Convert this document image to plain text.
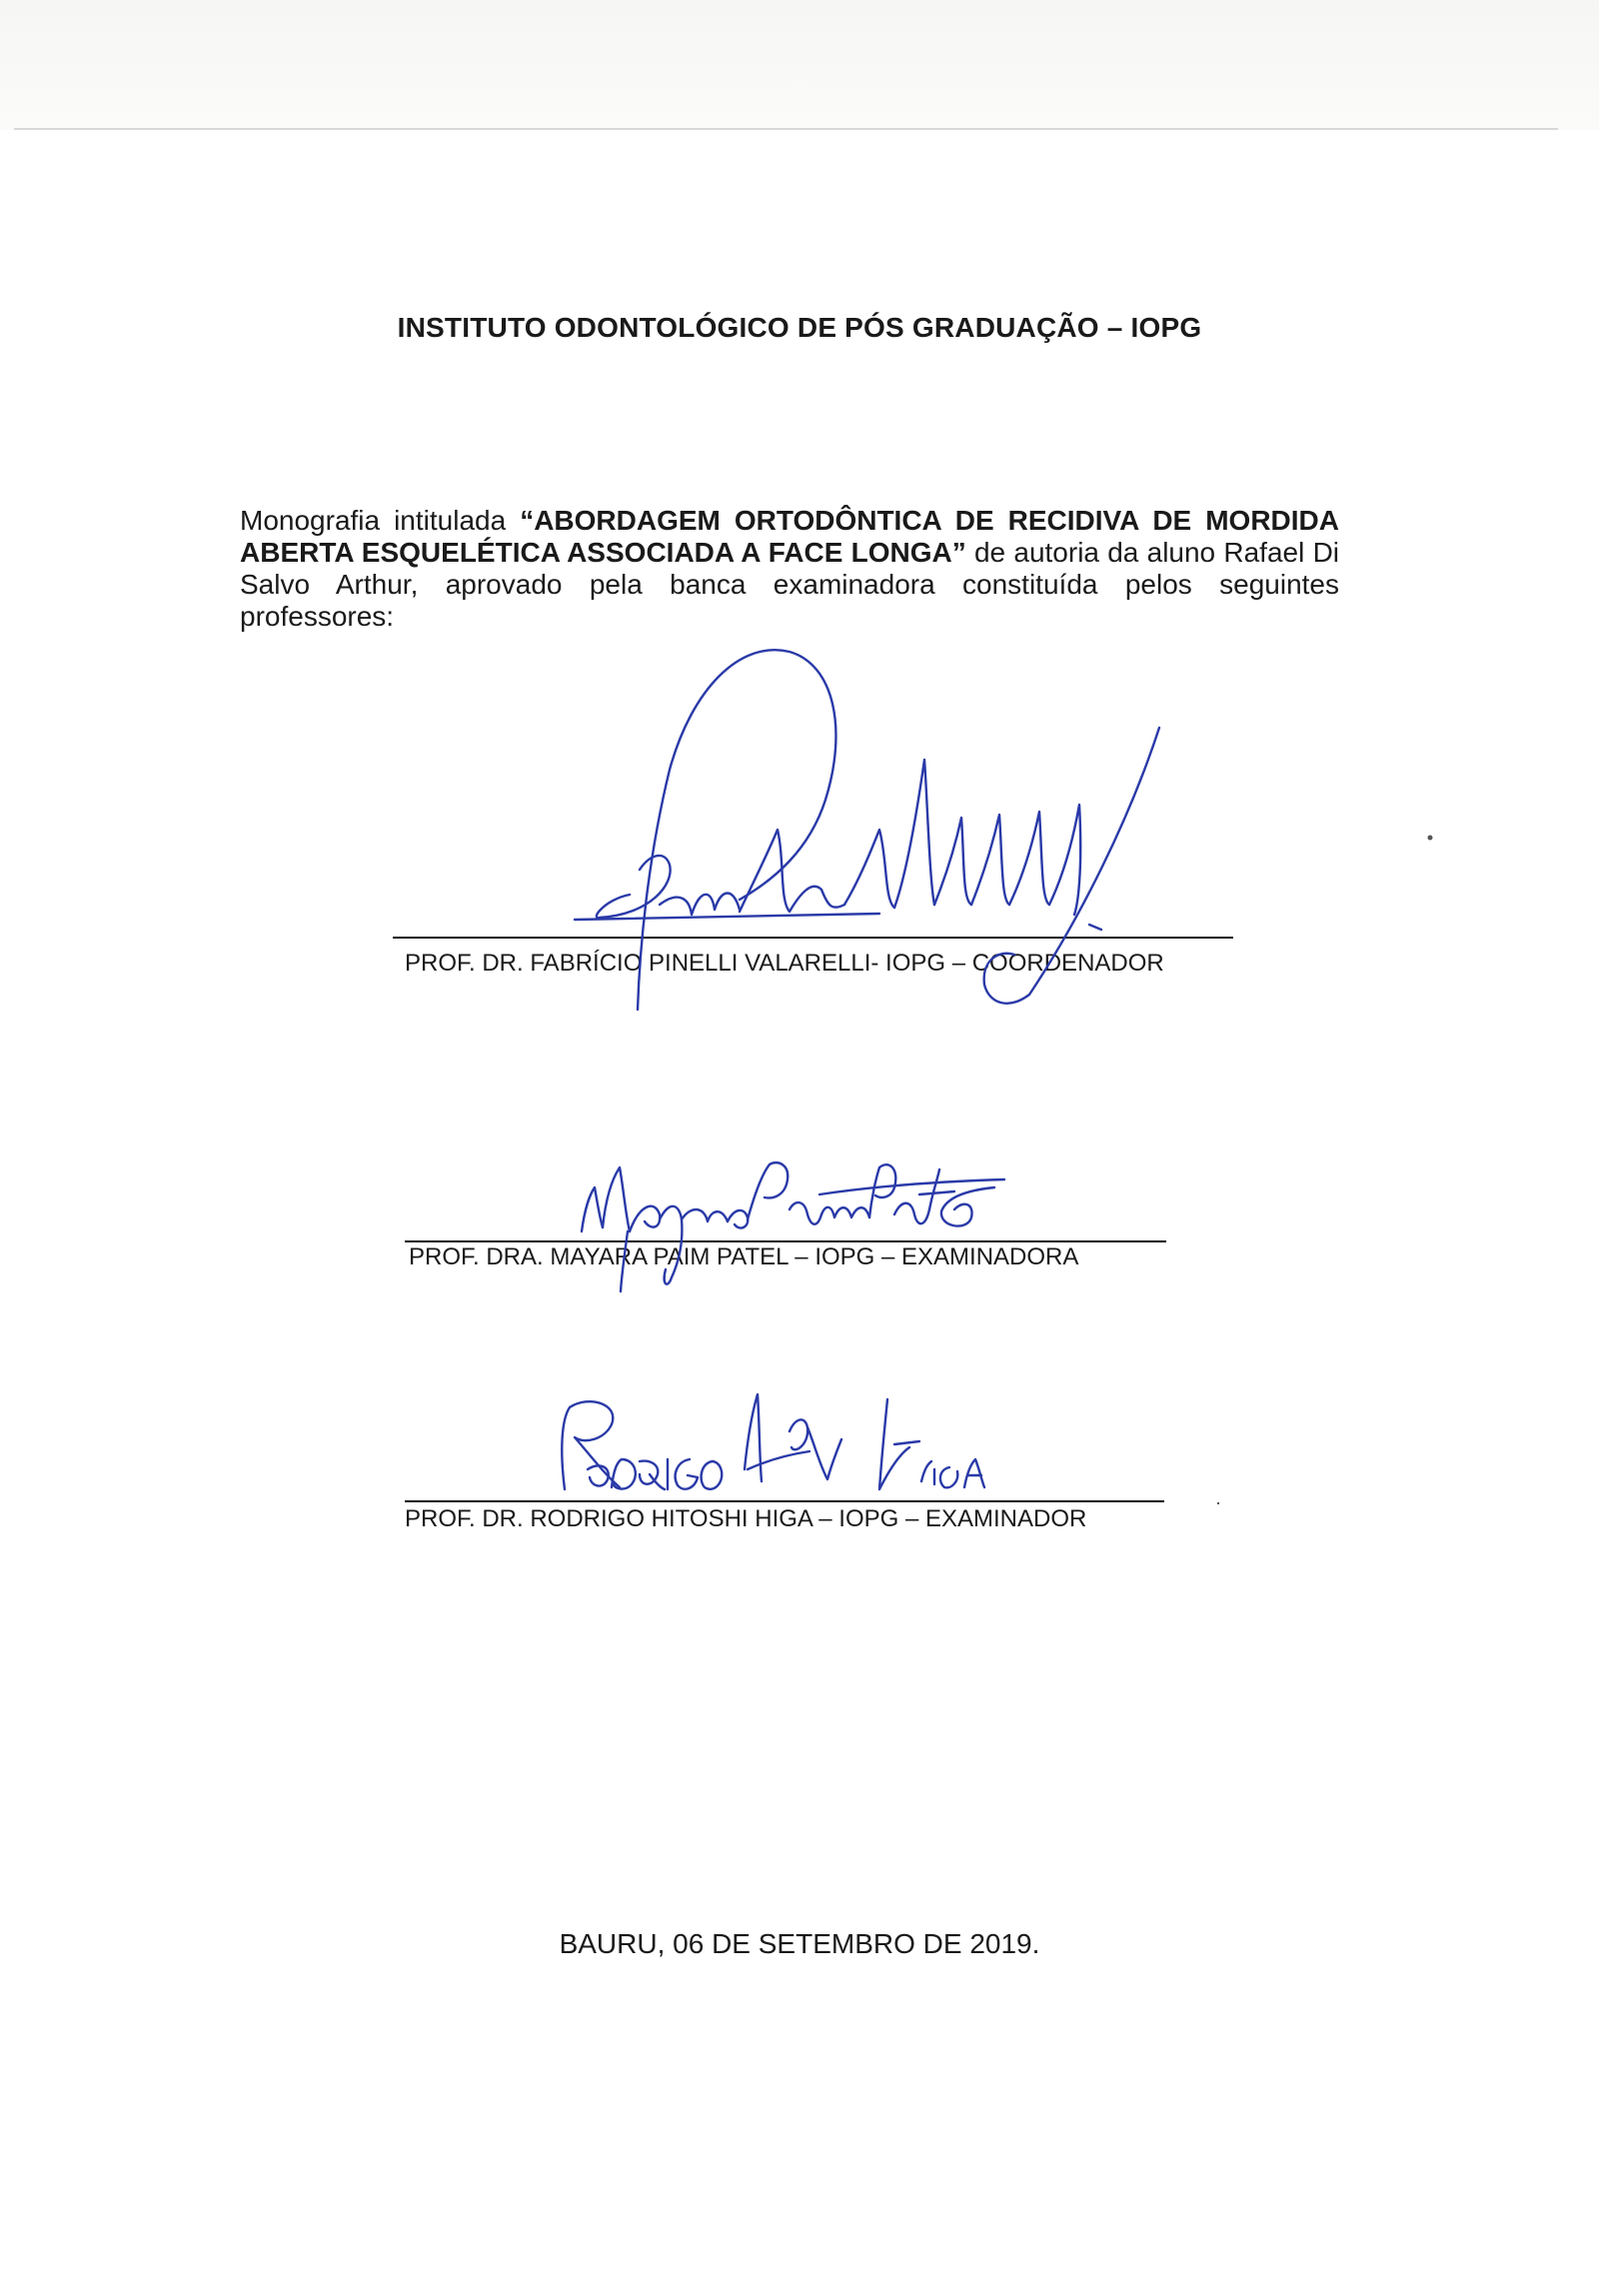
INSTITUTO ODONTOLÓGICO DE PÓS GRADUAÇÃO – IOPG
Monografia intitulada “ABORDAGEM ORTODÔNTICA DE RECIDIVA DE MORDIDA ABERTA ESQUELÉTICA ASSOCIADA A FACE LONGA” de autoria da aluno Rafael Di Salvo Arthur, aprovado pela banca examinadora constituída pelos seguintes professores:
PROF. DR. FABRÍCIO PINELLI VALARELLI- IOPG – COORDENADOR
PROF. DRA. MAYARA PAIM PATEL – IOPG – EXAMINADORA
PROF. DR. RODRIGO HITOSHI HIGA – IOPG – EXAMINADOR
BAURU, 06 DE SETEMBRO DE 2019.
